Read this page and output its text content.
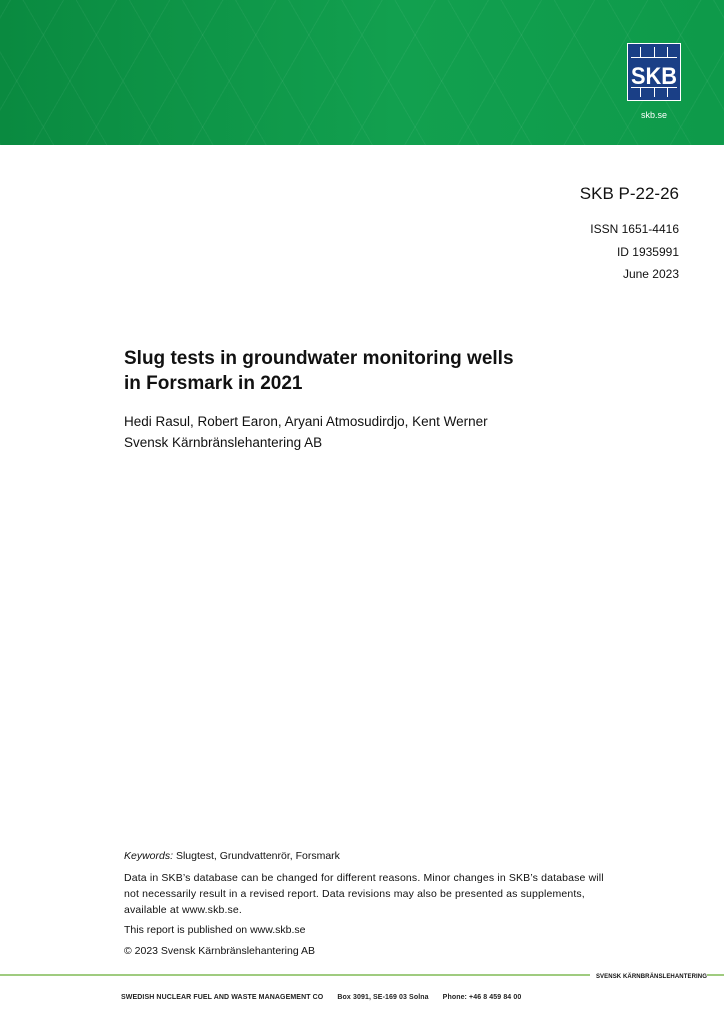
SKB
skb.se
SKB P-22-26
ISSN 1651-4416
ID 1935991
June 2023
Slug tests in groundwater monitoring wells
in Forsmark in 2021
Hedi Rasul, Robert Earon, Aryani Atmosudirdjo, Kent Werner
Svensk Kärnbränslehantering AB
Keywords: Slugtest, Grundvattenrör, Forsmark
Data in SKB’s database can be changed for different reasons. Minor changes in SKB’s database will
not necessarily result in a revised report. Data revisions may also be presented as supplements,
available at www.skb.se.
This report is published on www.skb.se
© 2023 Svensk Kärnbränslehantering AB
SVENSK KÄRNBRÄNSLEHANTERING
SWEDISH NUCLEAR FUEL AND WASTE MANAGEMENT CO Box 3091, SE-169 03 Solna Phone: +46 8 459 84 00
